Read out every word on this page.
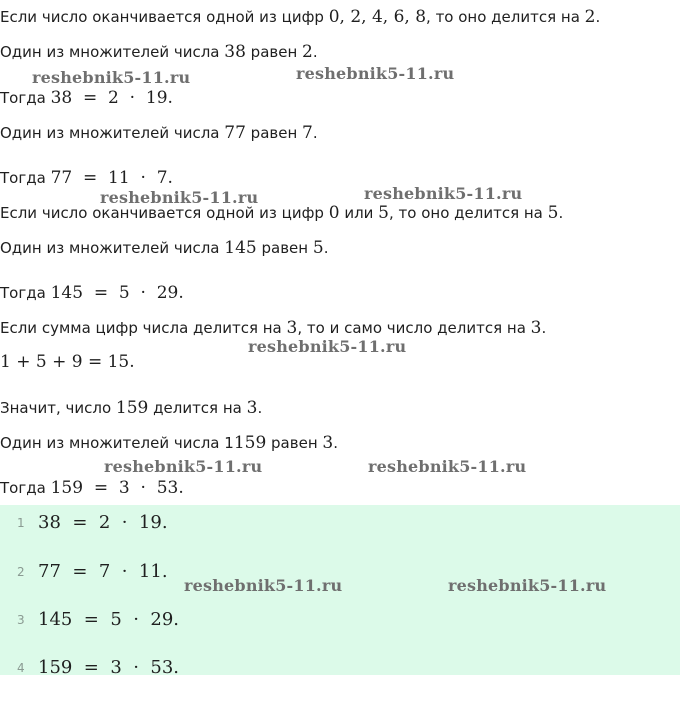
Если число оканчивается одной из цифр 0, 2, 4, 6, 8, то оно делится на 2.
Один из множителей числа 38 равен 2.
Тогда 38  =  2  ·  19.
Один из множителей числа 77 равен 7.
Тогда 77  =  11  ·  7.
Если число оканчивается одной из цифр 0 или 5, то оно делится на 5.
Один из множителей числа 145 равен 5.
Тогда 145  =  5  ·  29.
Если сумма цифр числа делится на 3, то и само число делится на 3.
1 + 5 + 9 = 15.
Значит, число 159 делится на 3.
Один из множителей числа 1159 равен 3.
Тогда 159  =  3  ·  53.
reshebnik5-11.ru	reshebnik5-11.ru
reshebnik5-11.ru	reshebnik5-11.ru
reshebnik5-11.ru
reshebnik5-11.ru	reshebnik5-11.ru
1 38  =  2  ·  19.
2 77  =  7  ·  11.
3 145  =  5  ·  29.
4 159  =  3  ·  53.
reshebnik5-11.ru	reshebnik5-11.ru
